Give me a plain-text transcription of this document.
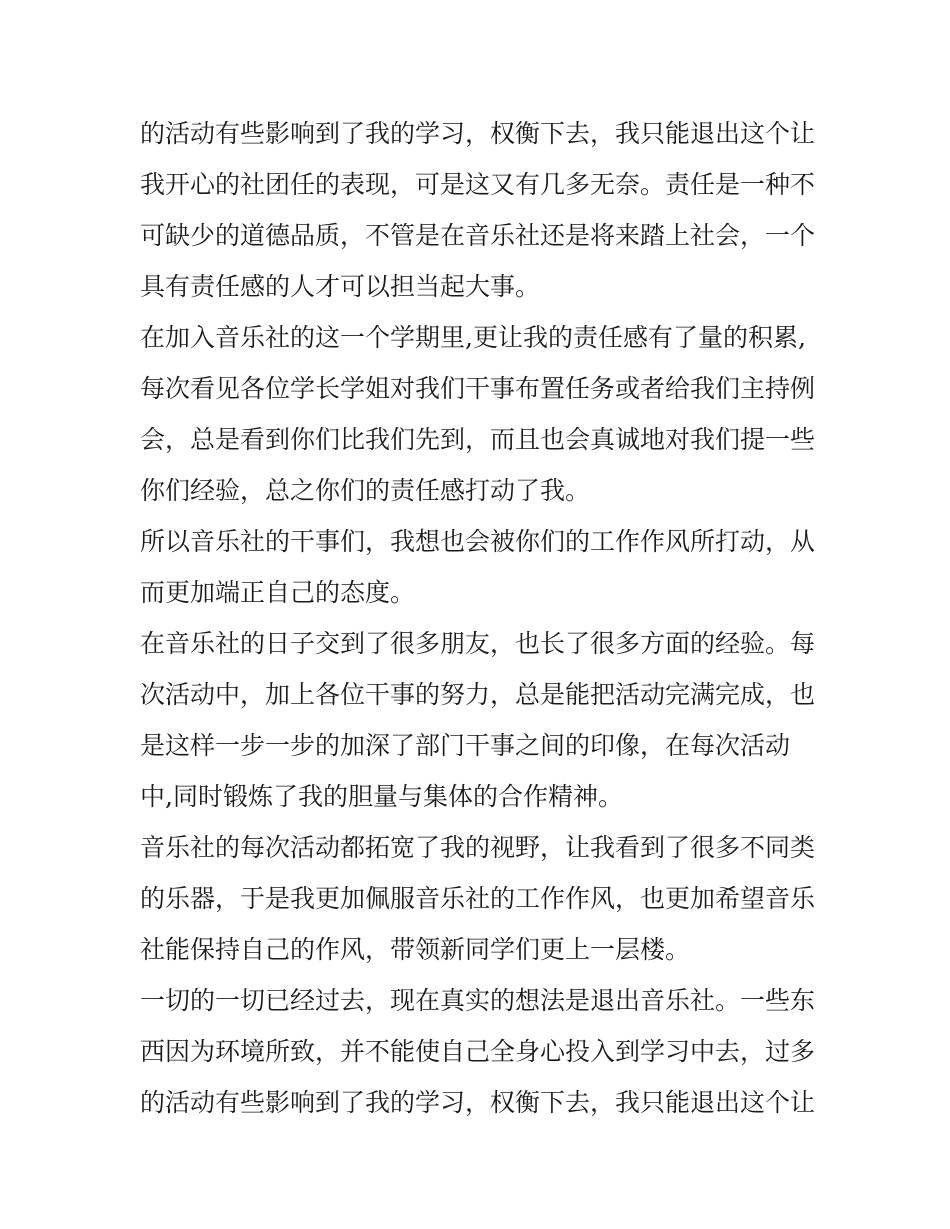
的活动有些影响到了我的学习，权衡下去，我只能退出这个让
我开心的社团任的表现，可是这又有几多无奈。责任是一种不
可缺少的道德品质，不管是在音乐社还是将来踏上社会，一个
具有责任感的人才可以担当起大事。
在加入音乐社的这一个学期里,更让我的责任感有了量的积累,
每次看见各位学长学姐对我们干事布置任务或者给我们主持例
会，总是看到你们比我们先到，而且也会真诚地对我们提一些
你们经验，总之你们的责任感打动了我。
所以音乐社的干事们，我想也会被你们的工作作风所打动，从
而更加端正自己的态度。
在音乐社的日子交到了很多朋友，也长了很多方面的经验。每
次活动中，加上各位干事的努力，总是能把活动完满完成，也
是这样一步一步的加深了部门干事之间的印像，在每次活动
中,同时锻炼了我的胆量与集体的合作精神。
音乐社的每次活动都拓宽了我的视野，让我看到了很多不同类
的乐器，于是我更加佩服音乐社的工作作风，也更加希望音乐
社能保持自己的作风，带领新同学们更上一层楼。
一切的一切已经过去，现在真实的想法是退出音乐社。一些东
西因为环境所致，并不能使自己全身心投入到学习中去，过多
的活动有些影响到了我的学习，权衡下去，我只能退出这个让
